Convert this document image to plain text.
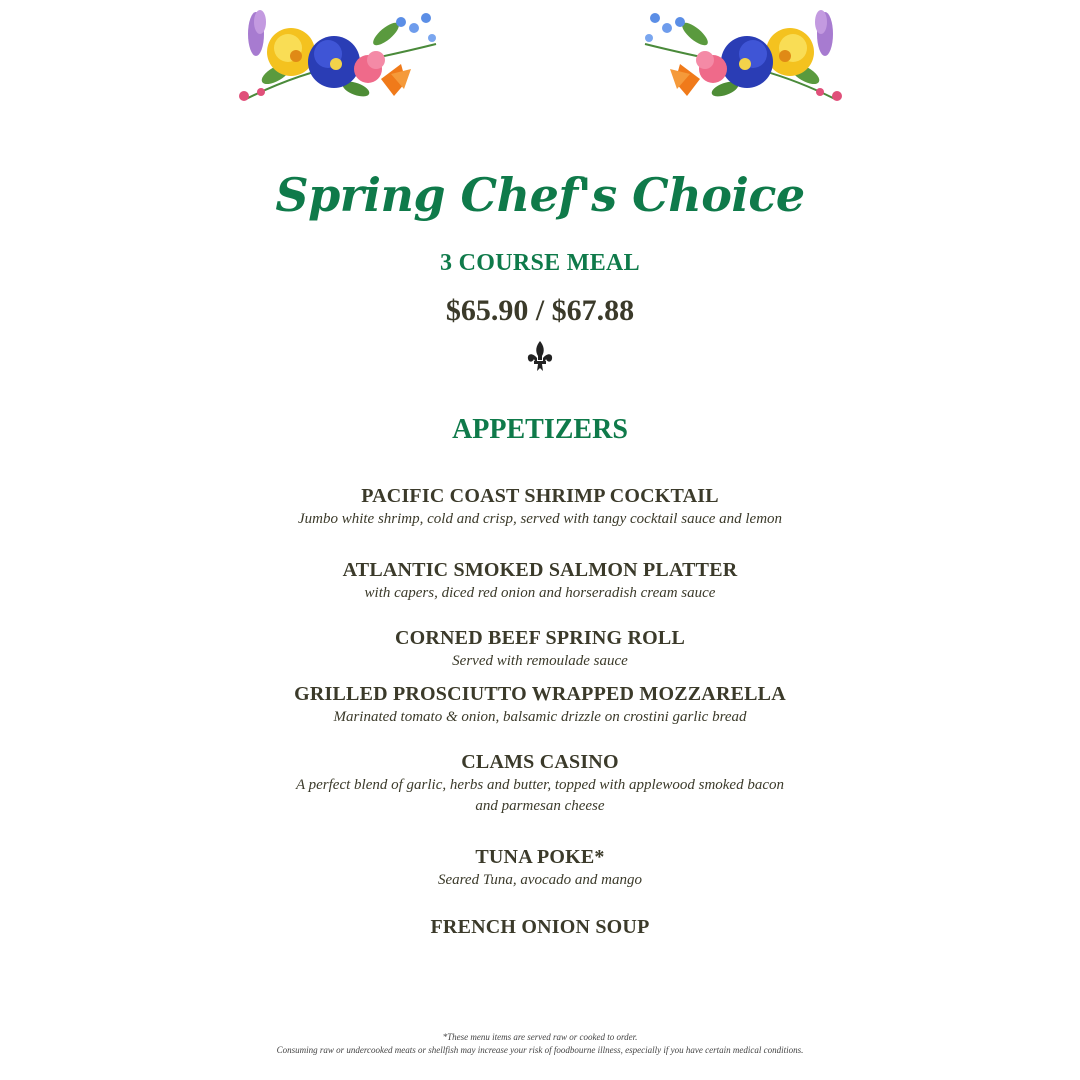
Spring Chef's Choice
3 COURSE MEAL
$65.90 / $67.88
APPETIZERS
PACIFIC COAST SHRIMP COCKTAIL
Jumbo white shrimp, cold and crisp, served with tangy cocktail sauce and lemon
ATLANTIC SMOKED SALMON PLATTER
with capers, diced red onion and horseradish cream sauce
CORNED BEEF SPRING ROLL
Served with remoulade sauce
GRILLED PROSCIUTTO WRAPPED MOZZARELLA
Marinated tomato & onion, balsamic drizzle on crostini garlic bread
CLAMS CASINO
A perfect blend of garlic, herbs and butter, topped with applewood smoked bacon and parmesan cheese
TUNA POKE*
Seared Tuna, avocado and mango
FRENCH ONION SOUP
*These menu items are served raw or cooked to order.
Consuming raw or undercooked meats or shellfish may increase your risk of foodbourne illness, especially if you have certain medical conditions.
